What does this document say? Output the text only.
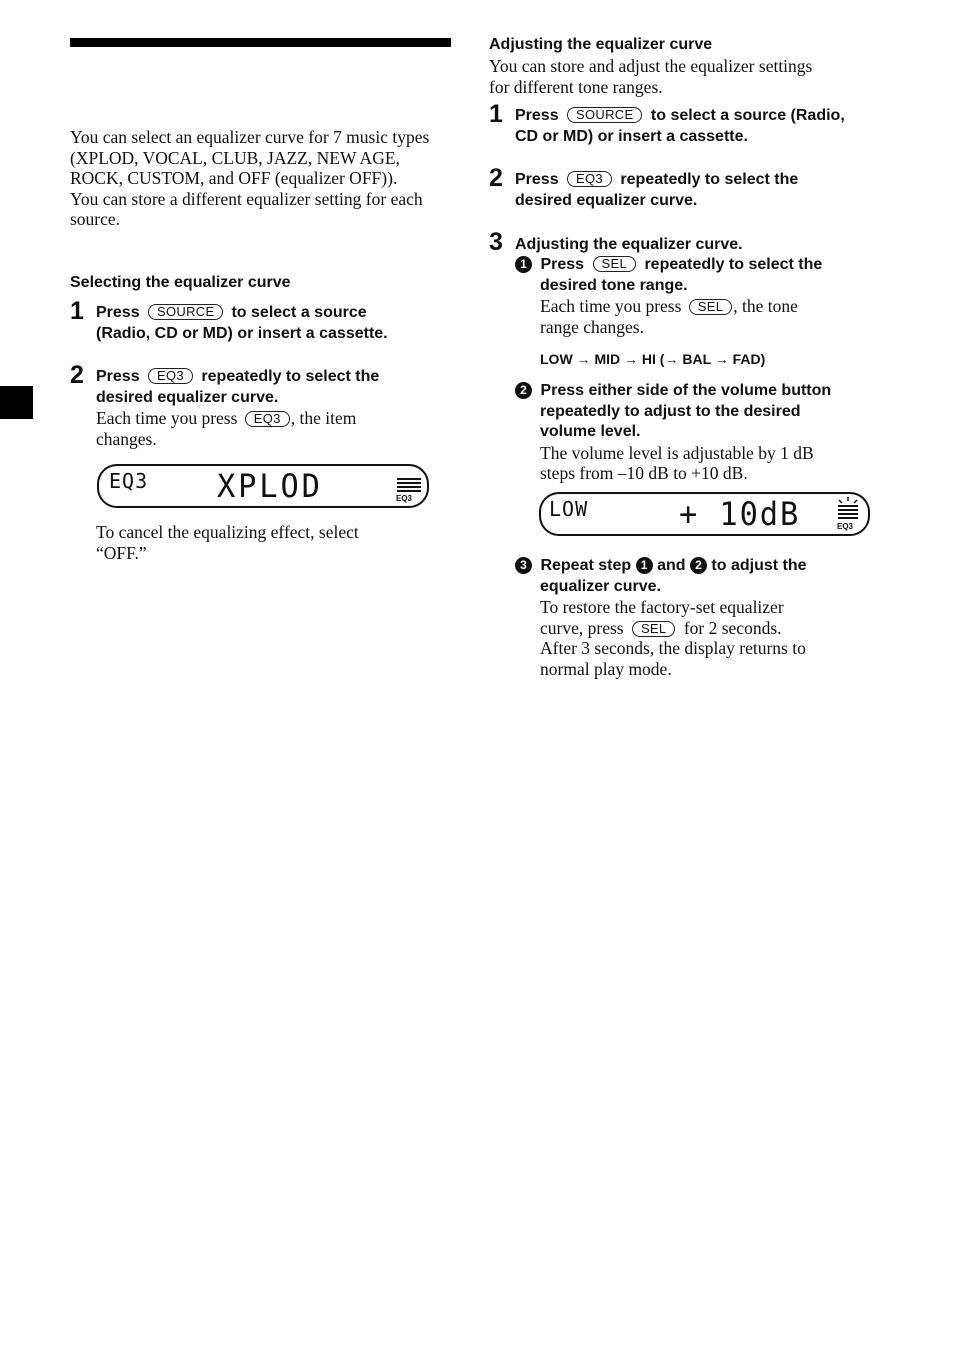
You can select an equalizer curve for 7 music types (XPLOD, VOCAL, CLUB, JAZZ, NEW AGE, ROCK, CUSTOM, and OFF (equalizer OFF)).
You can store a different equalizer setting for each source.
Selecting the equalizer curve
1 Press SOURCE to select a source
(Radio, CD or MD) or insert a cassette.
2 Press EQ3 repeatedly to select the
desired equalizer curve.
Each time you press EQ3 , the item
changes.
EQ3 XPLOD	EQ3
To cancel the equalizing effect, select
“OFF.”
Adjusting the equalizer curve
You can store and adjust the equalizer settings
for different tone ranges.
1 Press SOURCE to select a source (Radio,
CD or MD) or insert a cassette.
2 Press EQ3 repeatedly to select the
desired equalizer curve.
3 Adjusting the equalizer curve.
1 Press SEL repeatedly to select the
desired tone range.
Each time you press SEL , the tone
range changes.
LOW → MID → HI (→ BAL → FAD)
2 Press either side of the volume button
repeatedly to adjust to the desired
volume level.
The volume level is adjustable by 1 dB
steps from –10 dB to +10 dB.
LOW	+ 10dB	EQ3
3 Repeat step 1 and 2 to adjust the
equalizer curve.
To restore the factory-set equalizer
curve, press SEL for 2 seconds.
After 3 seconds, the display returns to
normal play mode.
